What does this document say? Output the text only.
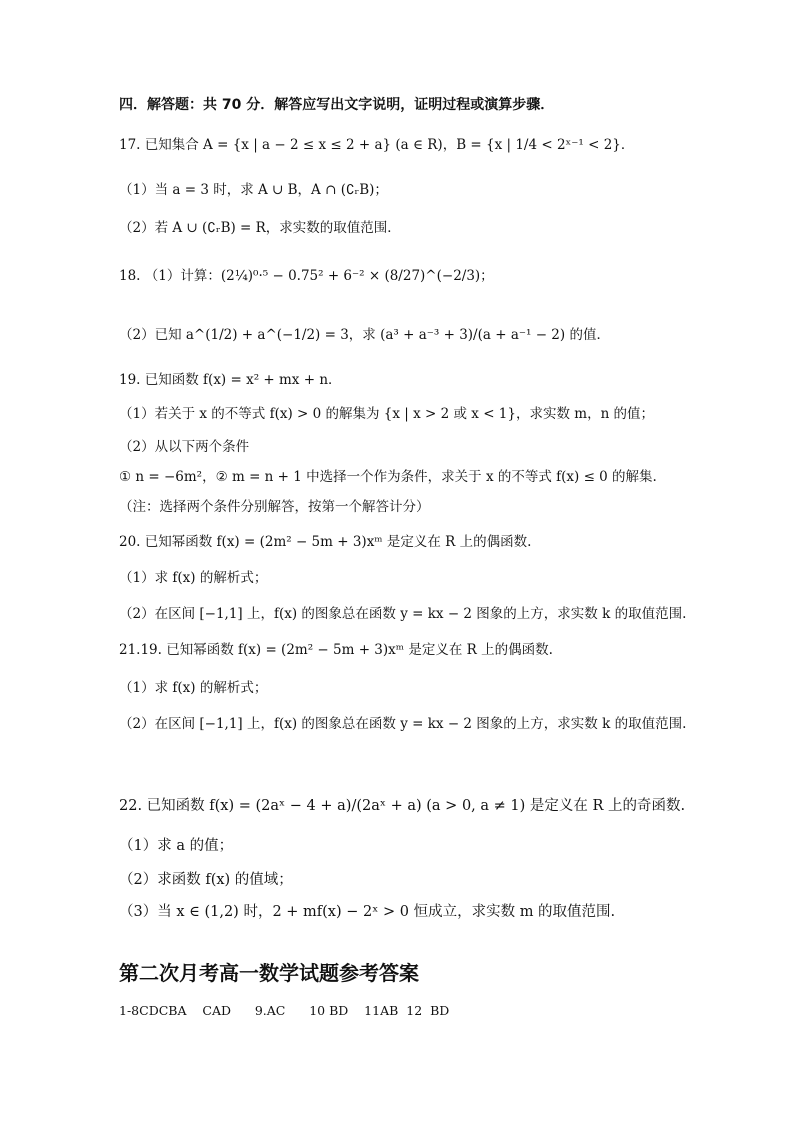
四．解答题：共 70 分．解答应写出文字说明，证明过程或演算步骤．
17. 已知集合 A = {x | a − 2 ≤ x ≤ 2 + a} (a ∈ R)，B = {x | 1/4 < 2ˣ⁻¹ < 2}．
（1）当 a = 3 时，求 A ∪ B，A ∩ (∁ᵣB)；
（2）若 A ∪ (∁ᵣB) = R，求实数的取值范围．
18. （1）计算：(2¼)⁰·⁵ − 0.75² + 6⁻² × (8/27)^(−2/3)；
（2）已知 a^(1/2) + a^(−1/2) = 3，求 (a³ + a⁻³ + 3)/(a + a⁻¹ − 2) 的值．
19. 已知函数 f(x) = x² + mx + n．
（1）若关于 x 的不等式 f(x) > 0 的解集为 {x | x > 2 或 x < 1}，求实数 m，n 的值；
（2）从以下两个条件
① n = −6m²，② m = n + 1 中选择一个作为条件，求关于 x 的不等式 f(x) ≤ 0 的解集.
（注：选择两个条件分别解答，按第一个解答计分）
20. 已知幂函数 f(x) = (2m² − 5m + 3)xᵐ 是定义在 R 上的偶函数.
（1）求 f(x) 的解析式；
（2）在区间 [−1,1] 上，f(x) 的图象总在函数 y = kx − 2 图象的上方，求实数 k 的取值范围.
21.19. 已知幂函数 f(x) = (2m² − 5m + 3)xᵐ 是定义在 R 上的偶函数.
（1）求 f(x) 的解析式；
（2）在区间 [−1,1] 上，f(x) 的图象总在函数 y = kx − 2 图象的上方，求实数 k 的取值范围.
22. 已知函数 f(x) = (2aˣ − 4 + a)/(2aˣ + a) (a > 0, a ≠ 1) 是定义在 R 上的奇函数.
（1）求 a 的值；
（2）求函数 f(x) 的值域；
（3）当 x ∈ (1,2) 时，2 + mf(x) − 2ˣ > 0 恒成立，求实数 m 的取值范围.
第二次月考高一数学试题参考答案
1-8CDCBA    CAD      9.AC      10 BD    11AB  12  BD
